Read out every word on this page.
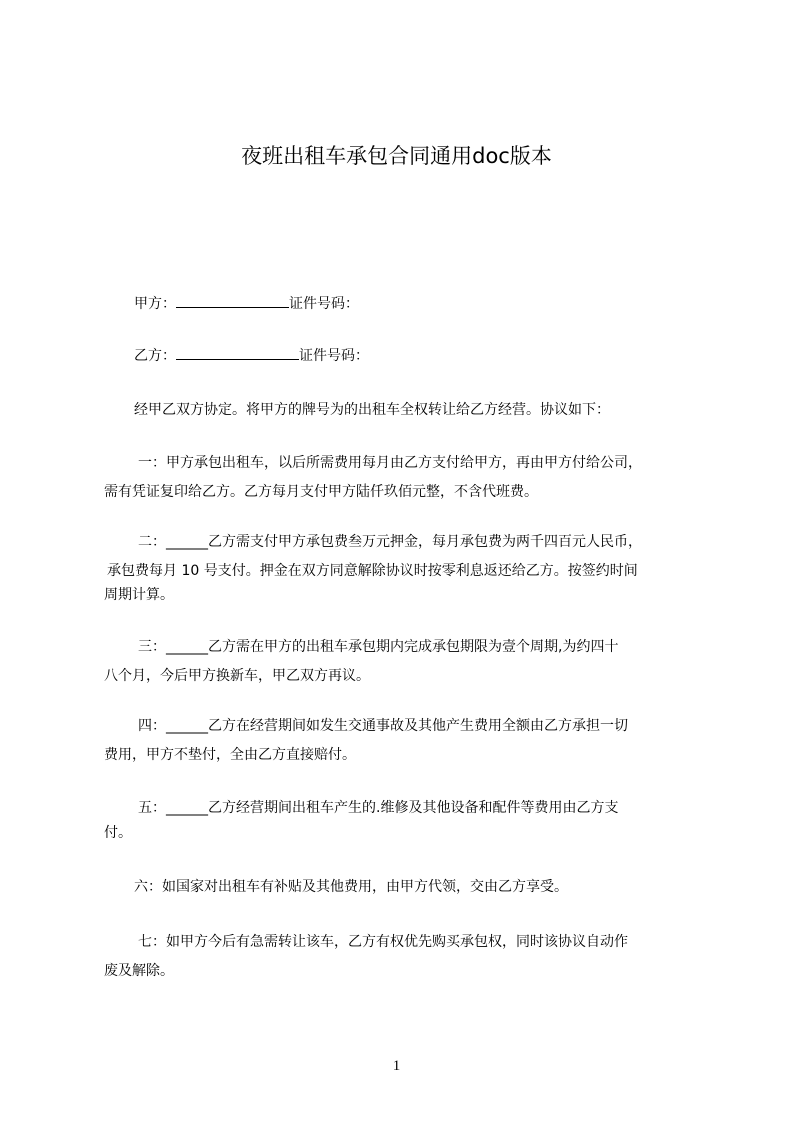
夜班出租车承包合同通用doc版本
甲方：	证件号码：
乙方：	证件号码：
经甲乙双方协定。将甲方的牌号为的出租车全权转让给乙方经营。协议如下：
一：甲方承包出租车，以后所需费用每月由乙方支付给甲方，再由甲方付给公司，
需有凭证复印给乙方。乙方每月支付甲方陆仟玖佰元整，不含代班费。
二：______乙方需支付甲方承包费叁万元押金，每月承包费为两千四百元人民币，
承包费每月 10 号支付。押金在双方同意解除协议时按零利息返还给乙方。按签约时间
周期计算。
三：______乙方需在甲方的出租车承包期内完成承包期限为壹个周期,为约四十
八个月，今后甲方换新车，甲乙双方再议。
四：______乙方在经营期间如发生交通事故及其他产生费用全额由乙方承担一切
费用，甲方不垫付，全由乙方直接赔付。
五：______乙方经营期间出租车产生的.维修及其他设备和配件等费用由乙方支
付。
六：如国家对出租车有补贴及其他费用，由甲方代领，交由乙方享受。
七：如甲方今后有急需转让该车，乙方有权优先购买承包权，同时该协议自动作
废及解除。
1
